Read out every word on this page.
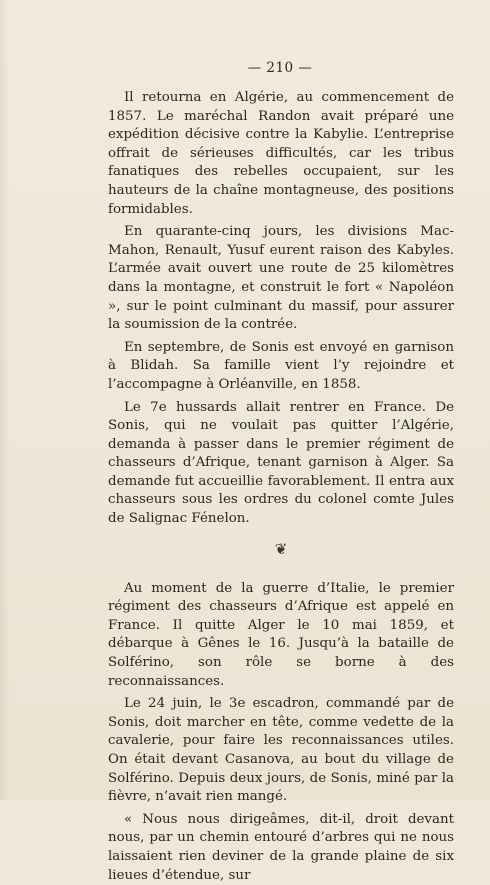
— 210 —

Il retourna en Algérie, au commencement de 1857. Le maréchal Randon avait préparé une expédition décisive contre la Kabylie. L’entreprise offrait de sérieuses difficultés, car les tribus fanatiques des rebelles occupaient, sur les hauteurs de la chaîne montagneuse, des positions formidables.

En quarante-cinq jours, les divisions Mac-Mahon, Renault, Yusuf eurent raison des Kabyles. L’armée avait ouvert une route de 25 kilomètres dans la montagne, et construit le fort « Napoléon », sur le point culminant du massif, pour assurer la soumission de la contrée.

En septembre, de Sonis est envoyé en garnison à Blidah. Sa famille vient l’y rejoindre et l’accompagne à Orléanville, en 1858.

Le 7e hussards allait rentrer en France. De Sonis, qui ne voulait pas quitter l’Algérie, demanda à passer dans le premier régiment de chasseurs d’Afrique, tenant garnison à Alger. Sa demande fut accueillie favorablement. Il entra aux chasseurs sous les ordres du colonel comte Jules de Salignac Fénelon.

❦

Au moment de la guerre d’Italie, le premier régiment des chasseurs d’Afrique est appelé en France. Il quitte Alger le 10 mai 1859, et débarque à Gênes le 16. Jusqu’à la bataille de Solférino, son rôle se borne à des reconnaissances.

Le 24 juin, le 3e escadron, commandé par de Sonis, doit marcher en tête, comme vedette de la cavalerie, pour faire les reconnaissances utiles. On était devant Casanova, au bout du village de Solférino. Depuis deux jours, de Sonis, miné par la fièvre, n’avait rien mangé.

« Nous nous dirigeâmes, dit-il, droit devant nous, par un chemin entouré d’arbres qui ne nous laissaient rien deviner de la grande plaine de six lieues d’étendue, sur
